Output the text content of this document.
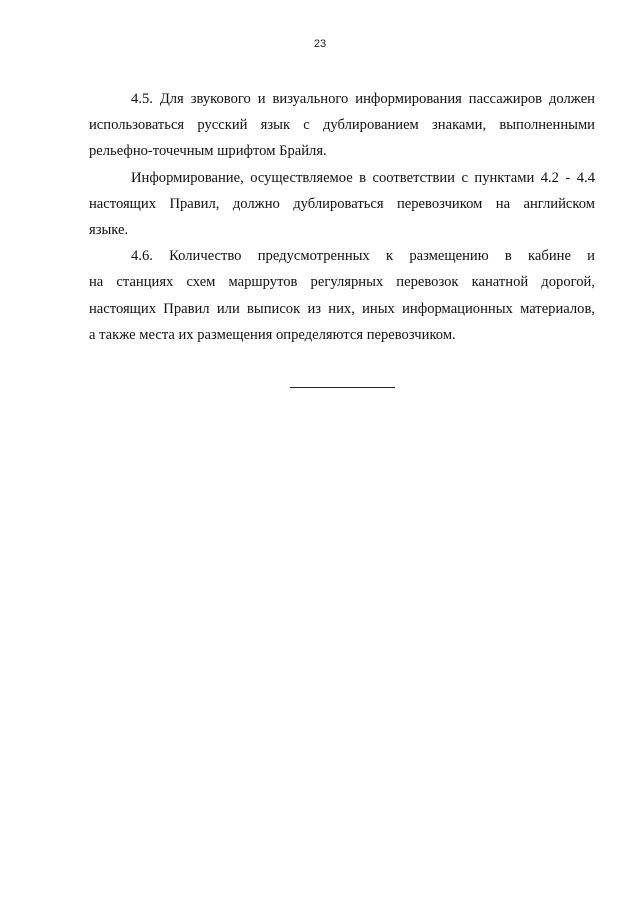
23

4.5. Для звукового и визуального информирования пассажиров должен
использоваться русский язык с дублированием знаками, выполненными
рельефно-точечным шрифтом Брайля.

Информирование, осуществляемое в соответствии с пунктами 4.2 - 4.4
настоящих Правил, должно дублироваться перевозчиком на английском
языке.

4.6. Количество предусмотренных к размещению в кабине и
на станциях схем маршрутов регулярных перевозок канатной дорогой,
настоящих Правил или выписок из них, иных информационных материалов,
а также места их размещения определяются перевозчиком.
